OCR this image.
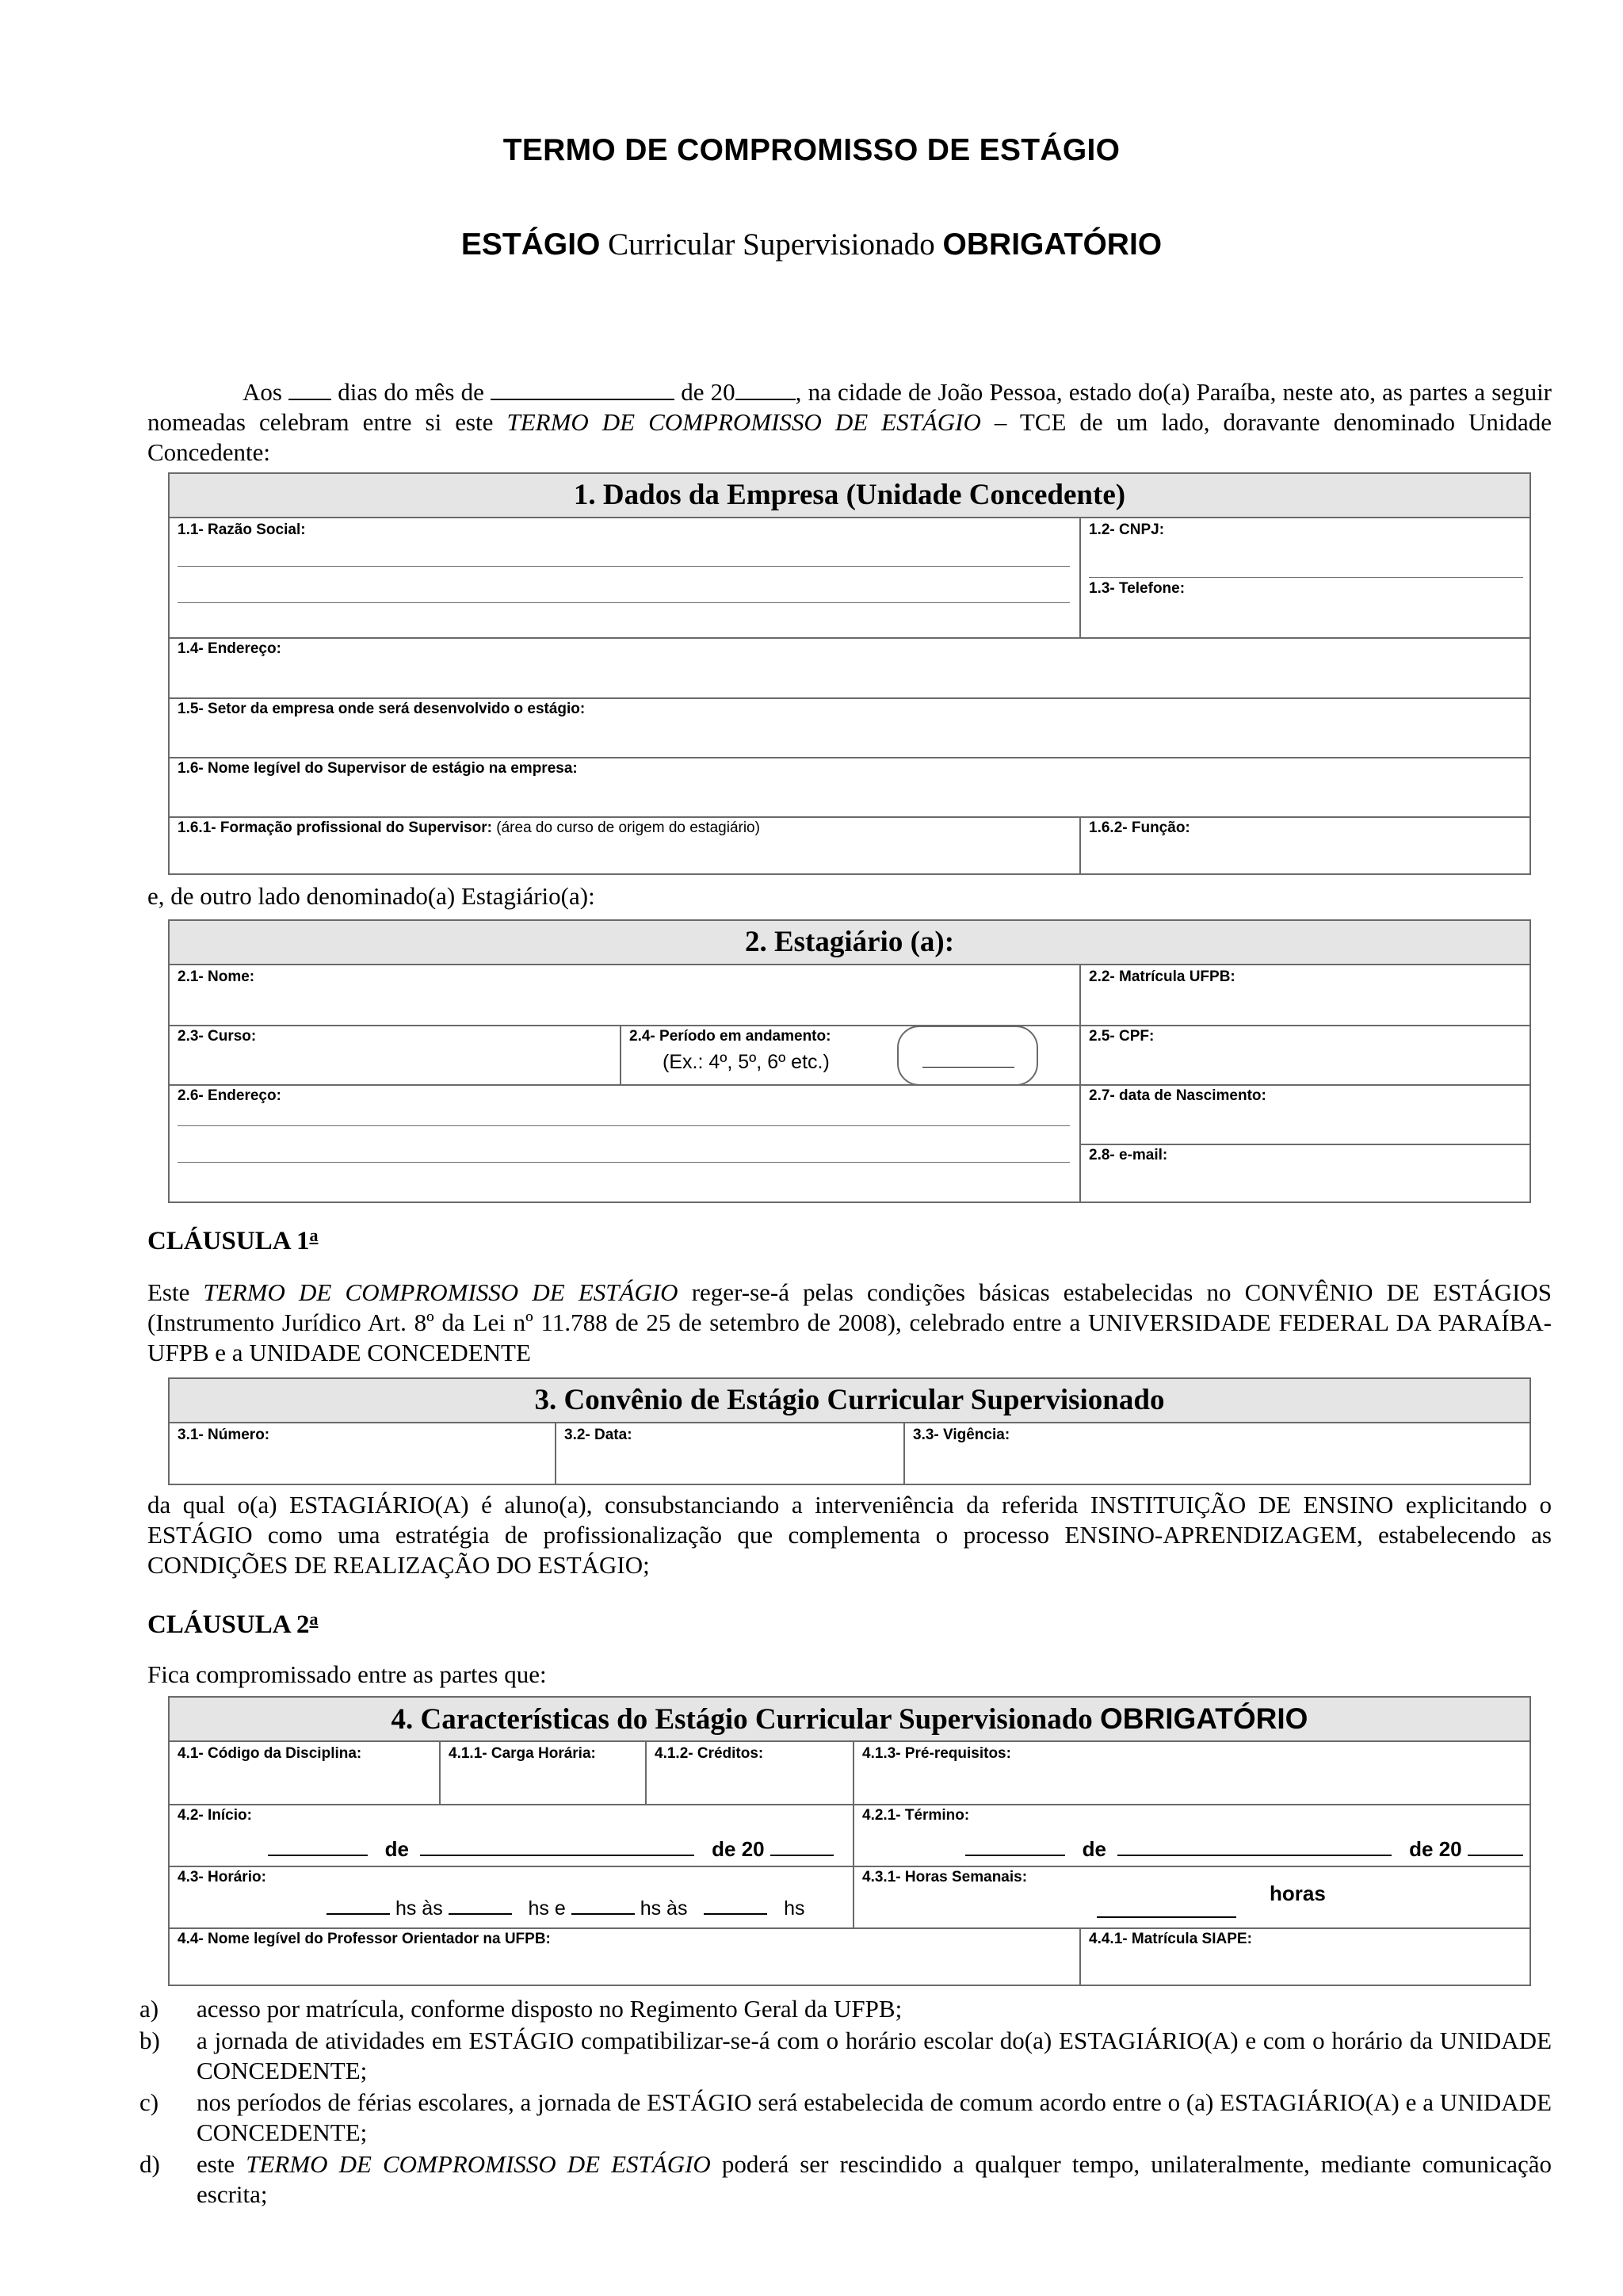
TERMO DE COMPROMISSO DE ESTÁGIO
ESTÁGIO Curricular Supervisionado OBRIGATÓRIO
Aos  dias do mês de	de 20 , na cidade de João Pessoa, estado do(a) Paraíba, neste ato, as partes a seguir nomeadas celebram entre si este TERMO DE COMPROMISSO DE ESTÁGIO – TCE de um lado, doravante denominado Unidade Concedente:
1. Dados da Empresa (Unidade Concedente)
1.1- Razão Social:	1.2- CNPJ:
1.3- Telefone:
1.4- Endereço:
1.5- Setor da empresa onde será desenvolvido o estágio:
1.6- Nome legível do Supervisor de estágio na empresa:
1.6.1- Formação profissional do Supervisor: (área do curso de origem do estagiário)	1.6.2- Função:
e, de outro lado denominado(a) Estagiário(a):
2. Estagiário (a):
2.1- Nome:	2.2- Matrícula UFPB:
2.3- Curso:	2.4- Período em andamento:
(Ex.: 4º, 5º, 6º etc.)
2.5- CPF:
2.6- Endereço:	2.7- data de Nascimento:
2.8- e-mail:
CLÁUSULA 1$^a$
Este TERMO DE COMPROMISSO DE ESTÁGIO reger-se-á pelas condições básicas estabelecidas no CONVÊNIO DE ESTÁGIOS (Instrumento Jurídico Art. 8º da Lei nº 11.788 de 25 de setembro de 2008), celebrado entre a UNIVERSIDADE FEDERAL DA PARAÍBA- UFPB e a UNIDADE CONCEDENTE
3. Convênio de Estágio Curricular Supervisionado
3.1- Número:	3.2- Data:	3.3- Vigência:
da qual o(a) ESTAGIÁRIO(A) é aluno(a), consubstanciando a interveniência da referida INSTITUIÇÃO DE ENSINO explicitando o ESTÁGIO como uma estratégia de profissionalização que complementa o processo ENSINO-APRENDIZAGEM, estabelecendo as CONDIÇÕES DE REALIZAÇÃO DO ESTÁGIO;
CLÁUSULA 2$^a$
Fica compromissado entre as partes que:
4. Características do Estágio Curricular Supervisionado OBRIGATÓRIO
4.1- Código da Disciplina:	4.1.1- Carga Horária:	4.1.2- Créditos:	4.1.3- Pré-requisitos:
4.2- Início:
de	de 20
4.2.1- Término:
de	de 20
4.3- Horário:
hs às	hs e	hs às	hs
4.3.1- Horas Semanais:
horas
4.4- Nome legível do Professor Orientador na UFPB:	4.4.1- Matrícula SIAPE:
a) acesso por matrícula, conforme disposto no Regimento Geral da UFPB;
b) a jornada de atividades em ESTÁGIO compatibilizar-se-á com o horário escolar do(a) ESTAGIÁRIO(A) e com o horário da UNIDADE CONCEDENTE;
c) nos períodos de férias escolares, a jornada de ESTÁGIO será estabelecida de comum acordo entre o (a) ESTAGIÁRIO(A) e a UNIDADE CONCEDENTE;
d) este TERMO DE COMPROMISSO DE ESTÁGIO poderá ser rescindido a qualquer tempo, unilateralmente, mediante comunicação escrita;
